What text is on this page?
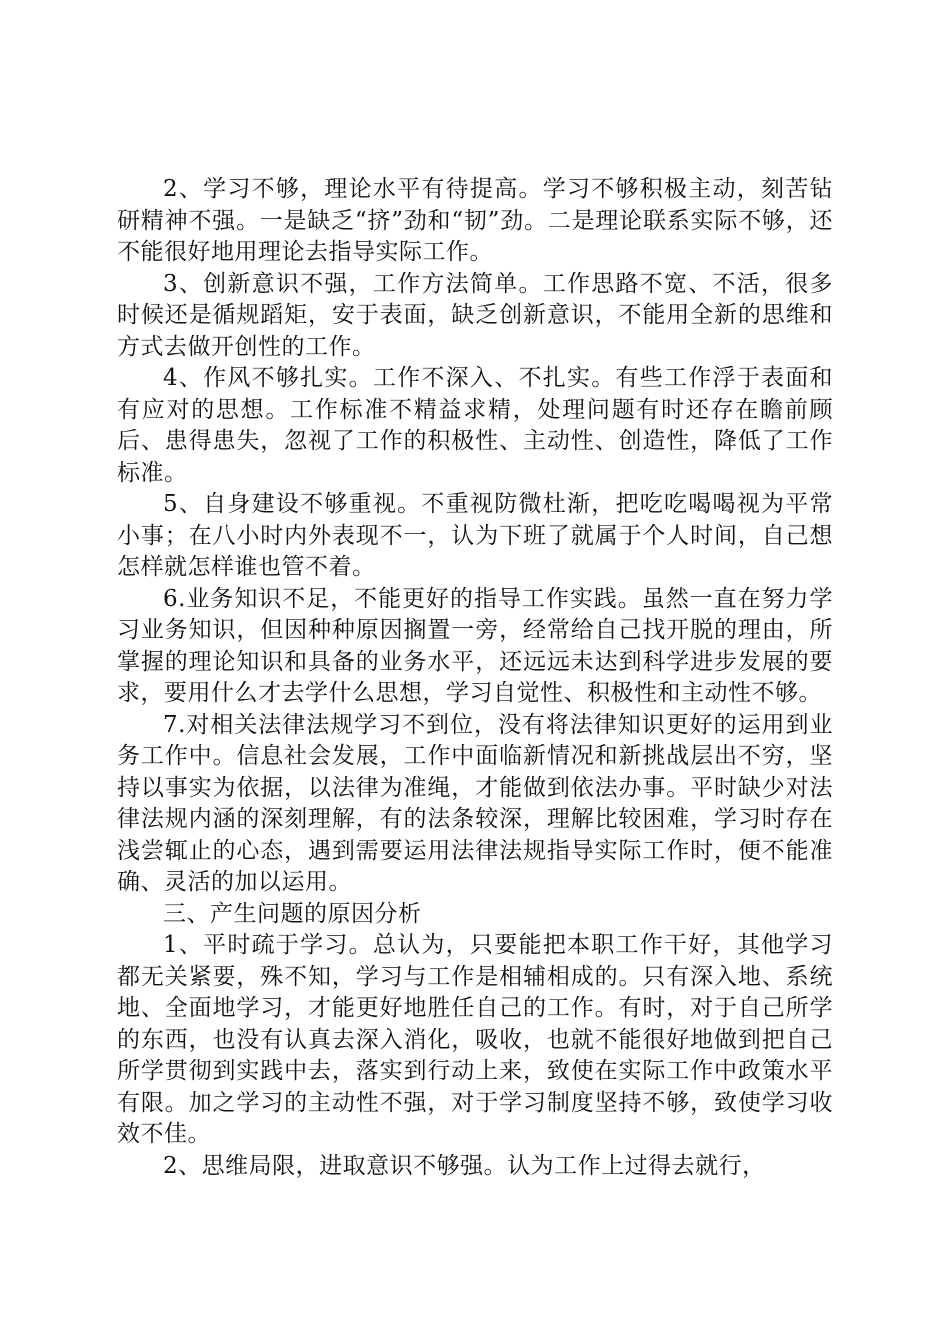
2、学习不够，理论水平有待提高。学习不够积极主动，刻苦钻研精神不强。一是缺乏“挤”劲和“韧”劲。二是理论联系实际不够，还不能很好地用理论去指导实际工作。

3、创新意识不强，工作方法简单。工作思路不宽、不活，很多时候还是循规蹈矩，安于表面，缺乏创新意识，不能用全新的思维和方式去做开创性的工作。

4、作风不够扎实。工作不深入、不扎实。有些工作浮于表面和有应对的思想。工作标准不精益求精，处理问题有时还存在瞻前顾后、患得患失，忽视了工作的积极性、主动性、创造性，降低了工作标准。

5、自身建设不够重视。不重视防微杜渐，把吃吃喝喝视为平常小事；在八小时内外表现不一，认为下班了就属于个人时间，自己想怎样就怎样谁也管不着。

6.业务知识不足，不能更好的指导工作实践。虽然一直在努力学习业务知识，但因种种原因搁置一旁，经常给自己找开脱的理由，所掌握的理论知识和具备的业务水平，还远远未达到科学进步发展的要求，要用什么才去学什么思想，学习自觉性、积极性和主动性不够。

7.对相关法律法规学习不到位，没有将法律知识更好的运用到业务工作中。信息社会发展，工作中面临新情况和新挑战层出不穷，坚持以事实为依据，以法律为准绳，才能做到依法办事。平时缺少对法律法规内涵的深刻理解，有的法条较深，理解比较困难，学习时存在浅尝辄止的心态，遇到需要运用法律法规指导实际工作时，便不能准确、灵活的加以运用。

三、产生问题的原因分析

1、平时疏于学习。总认为，只要能把本职工作干好，其他学习都无关紧要，殊不知，学习与工作是相辅相成的。只有深入地、系统地、全面地学习，才能更好地胜任自己的工作。有时，对于自己所学的东西，也没有认真去深入消化，吸收，也就不能很好地做到把自己所学贯彻到实践中去，落实到行动上来，致使在实际工作中政策水平有限。加之学习的主动性不强，对于学习制度坚持不够，致使学习收效不佳。

2、思维局限，进取意识不够强。认为工作上过得去就行，
